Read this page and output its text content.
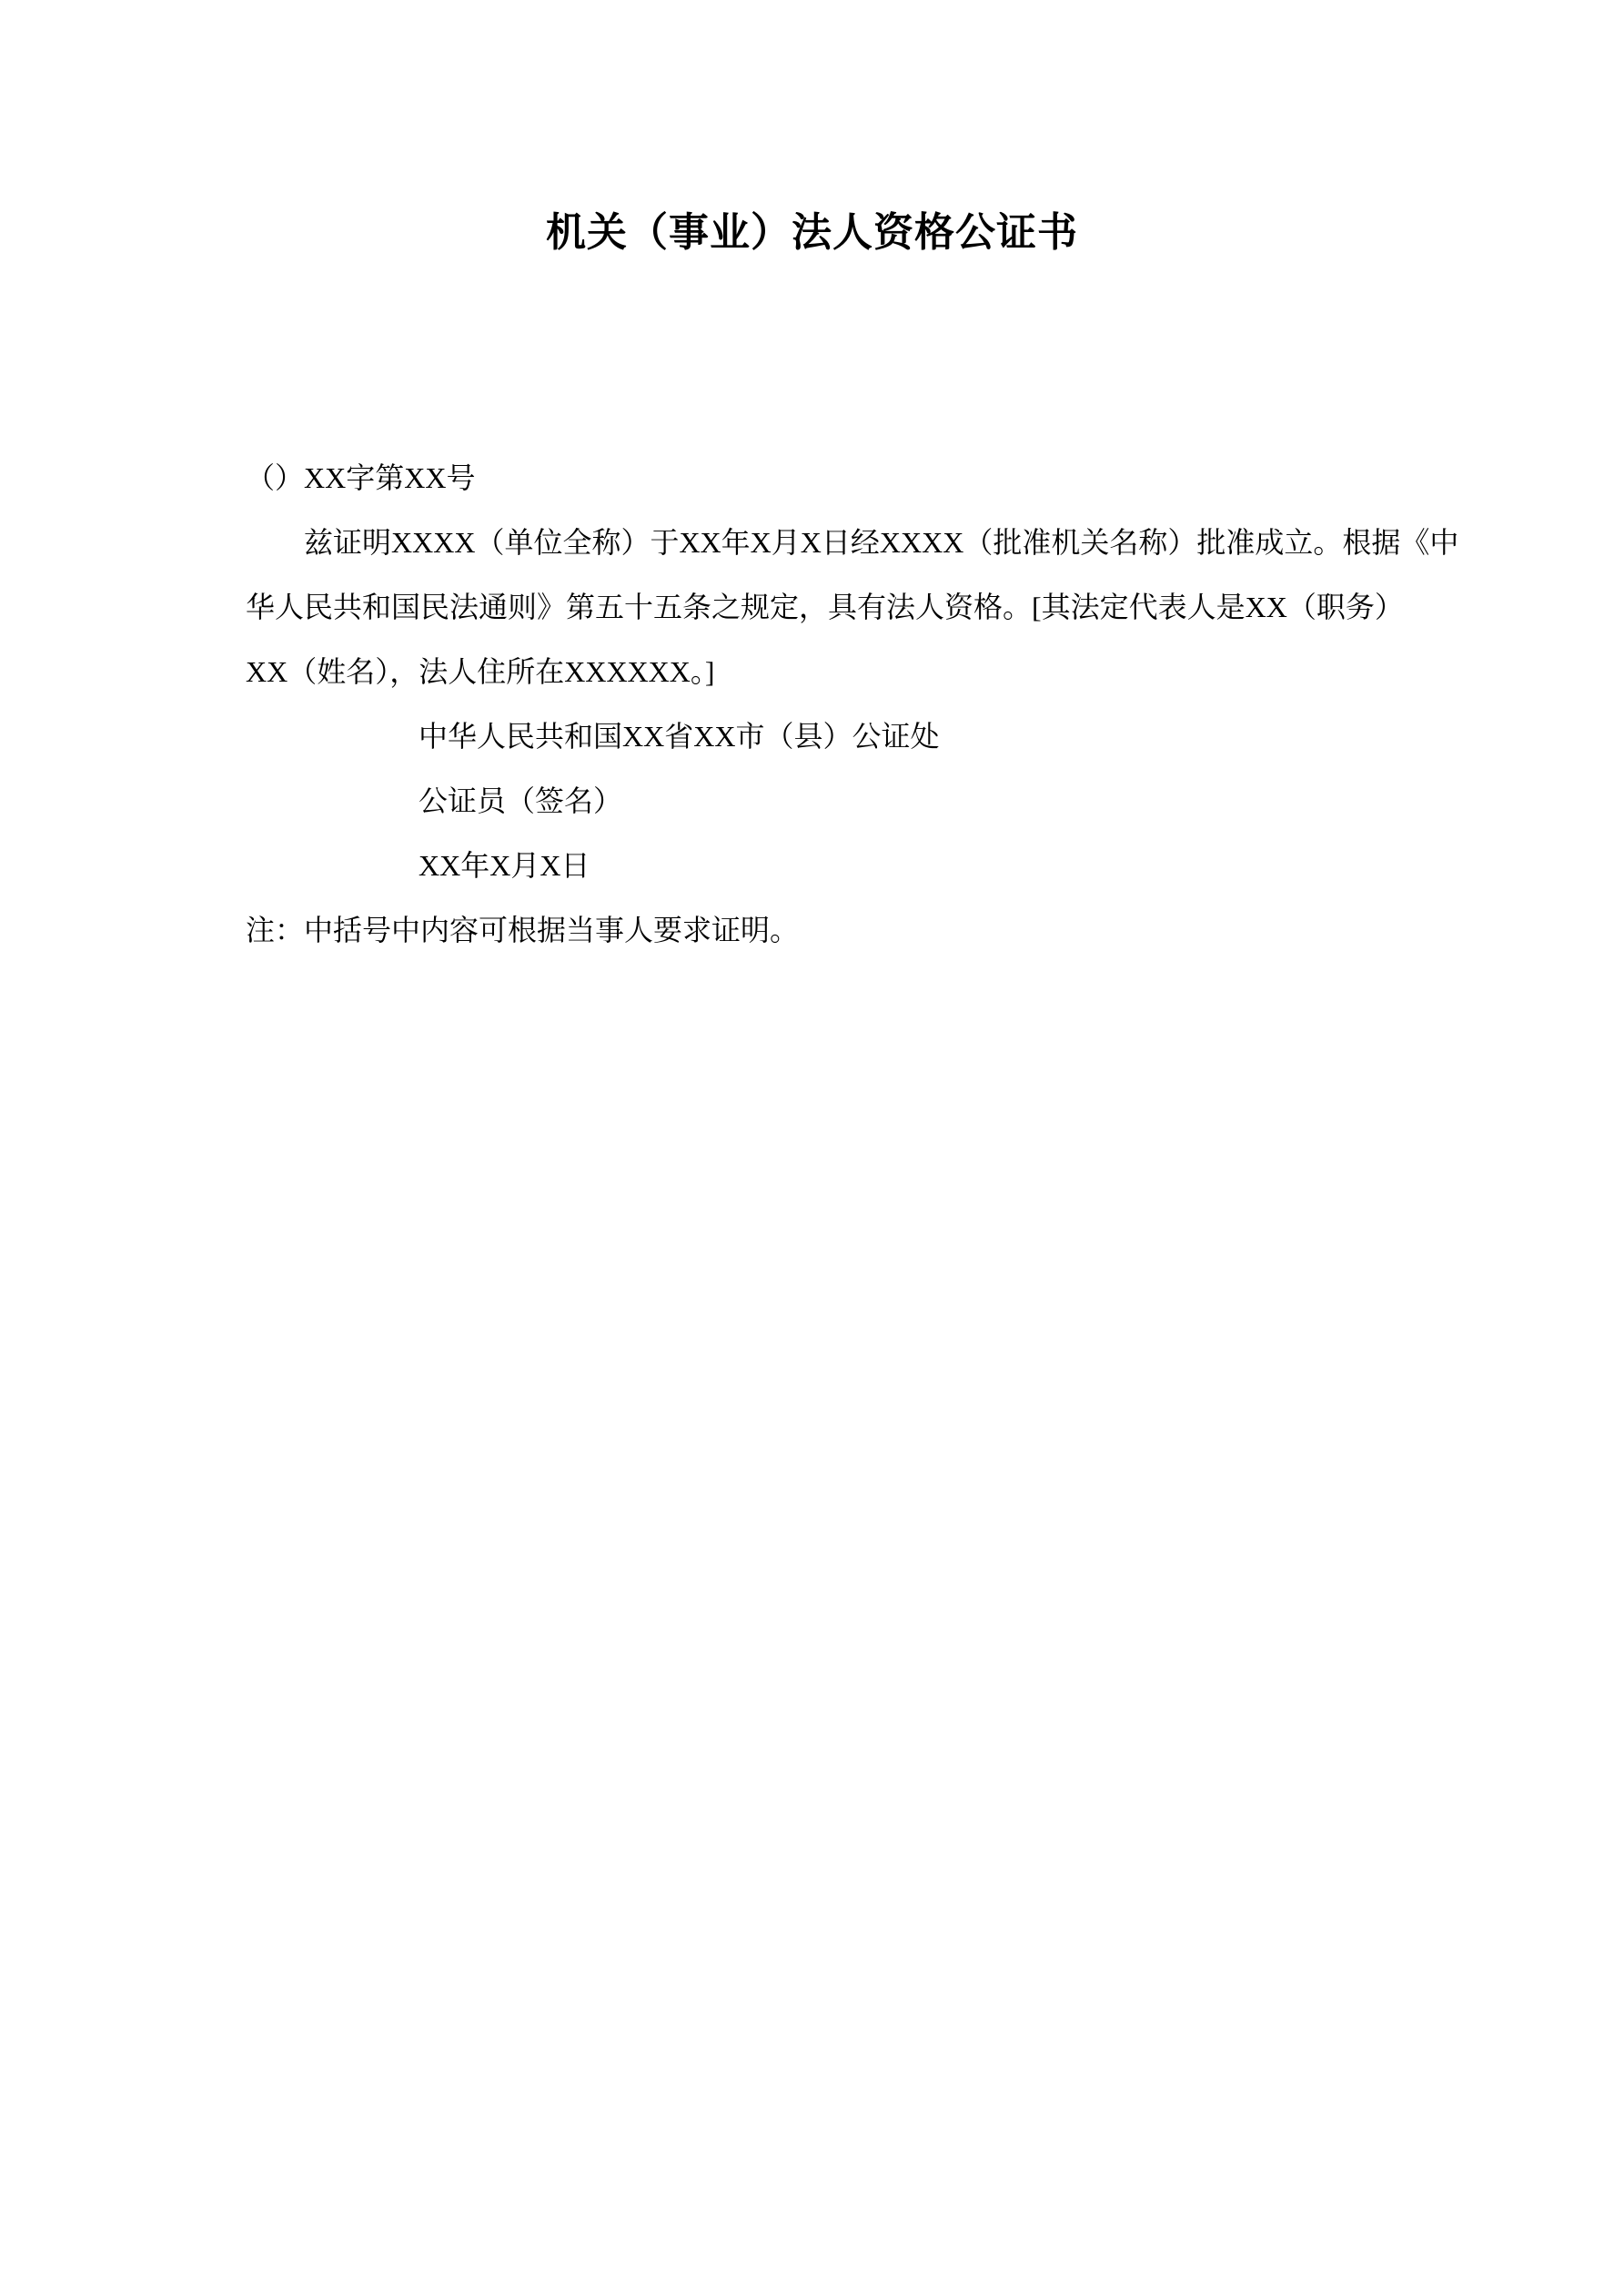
机关（事业）法人资格公证书

（）XX字第XX号

兹证明XXXX（单位全称）于XX年X月X日经XXXX（批准机关名称）批准成立。根据《中

华人民共和国民法通则》第五十五条之规定，具有法人资格。[其法定代表人是XX（职务）

XX（姓名），法人住所在XXXXXX。]

中华人民共和国XX省XX市（县）公证处

公证员（签名）

XX年X月X日

注：中括号中内容可根据当事人要求证明。
